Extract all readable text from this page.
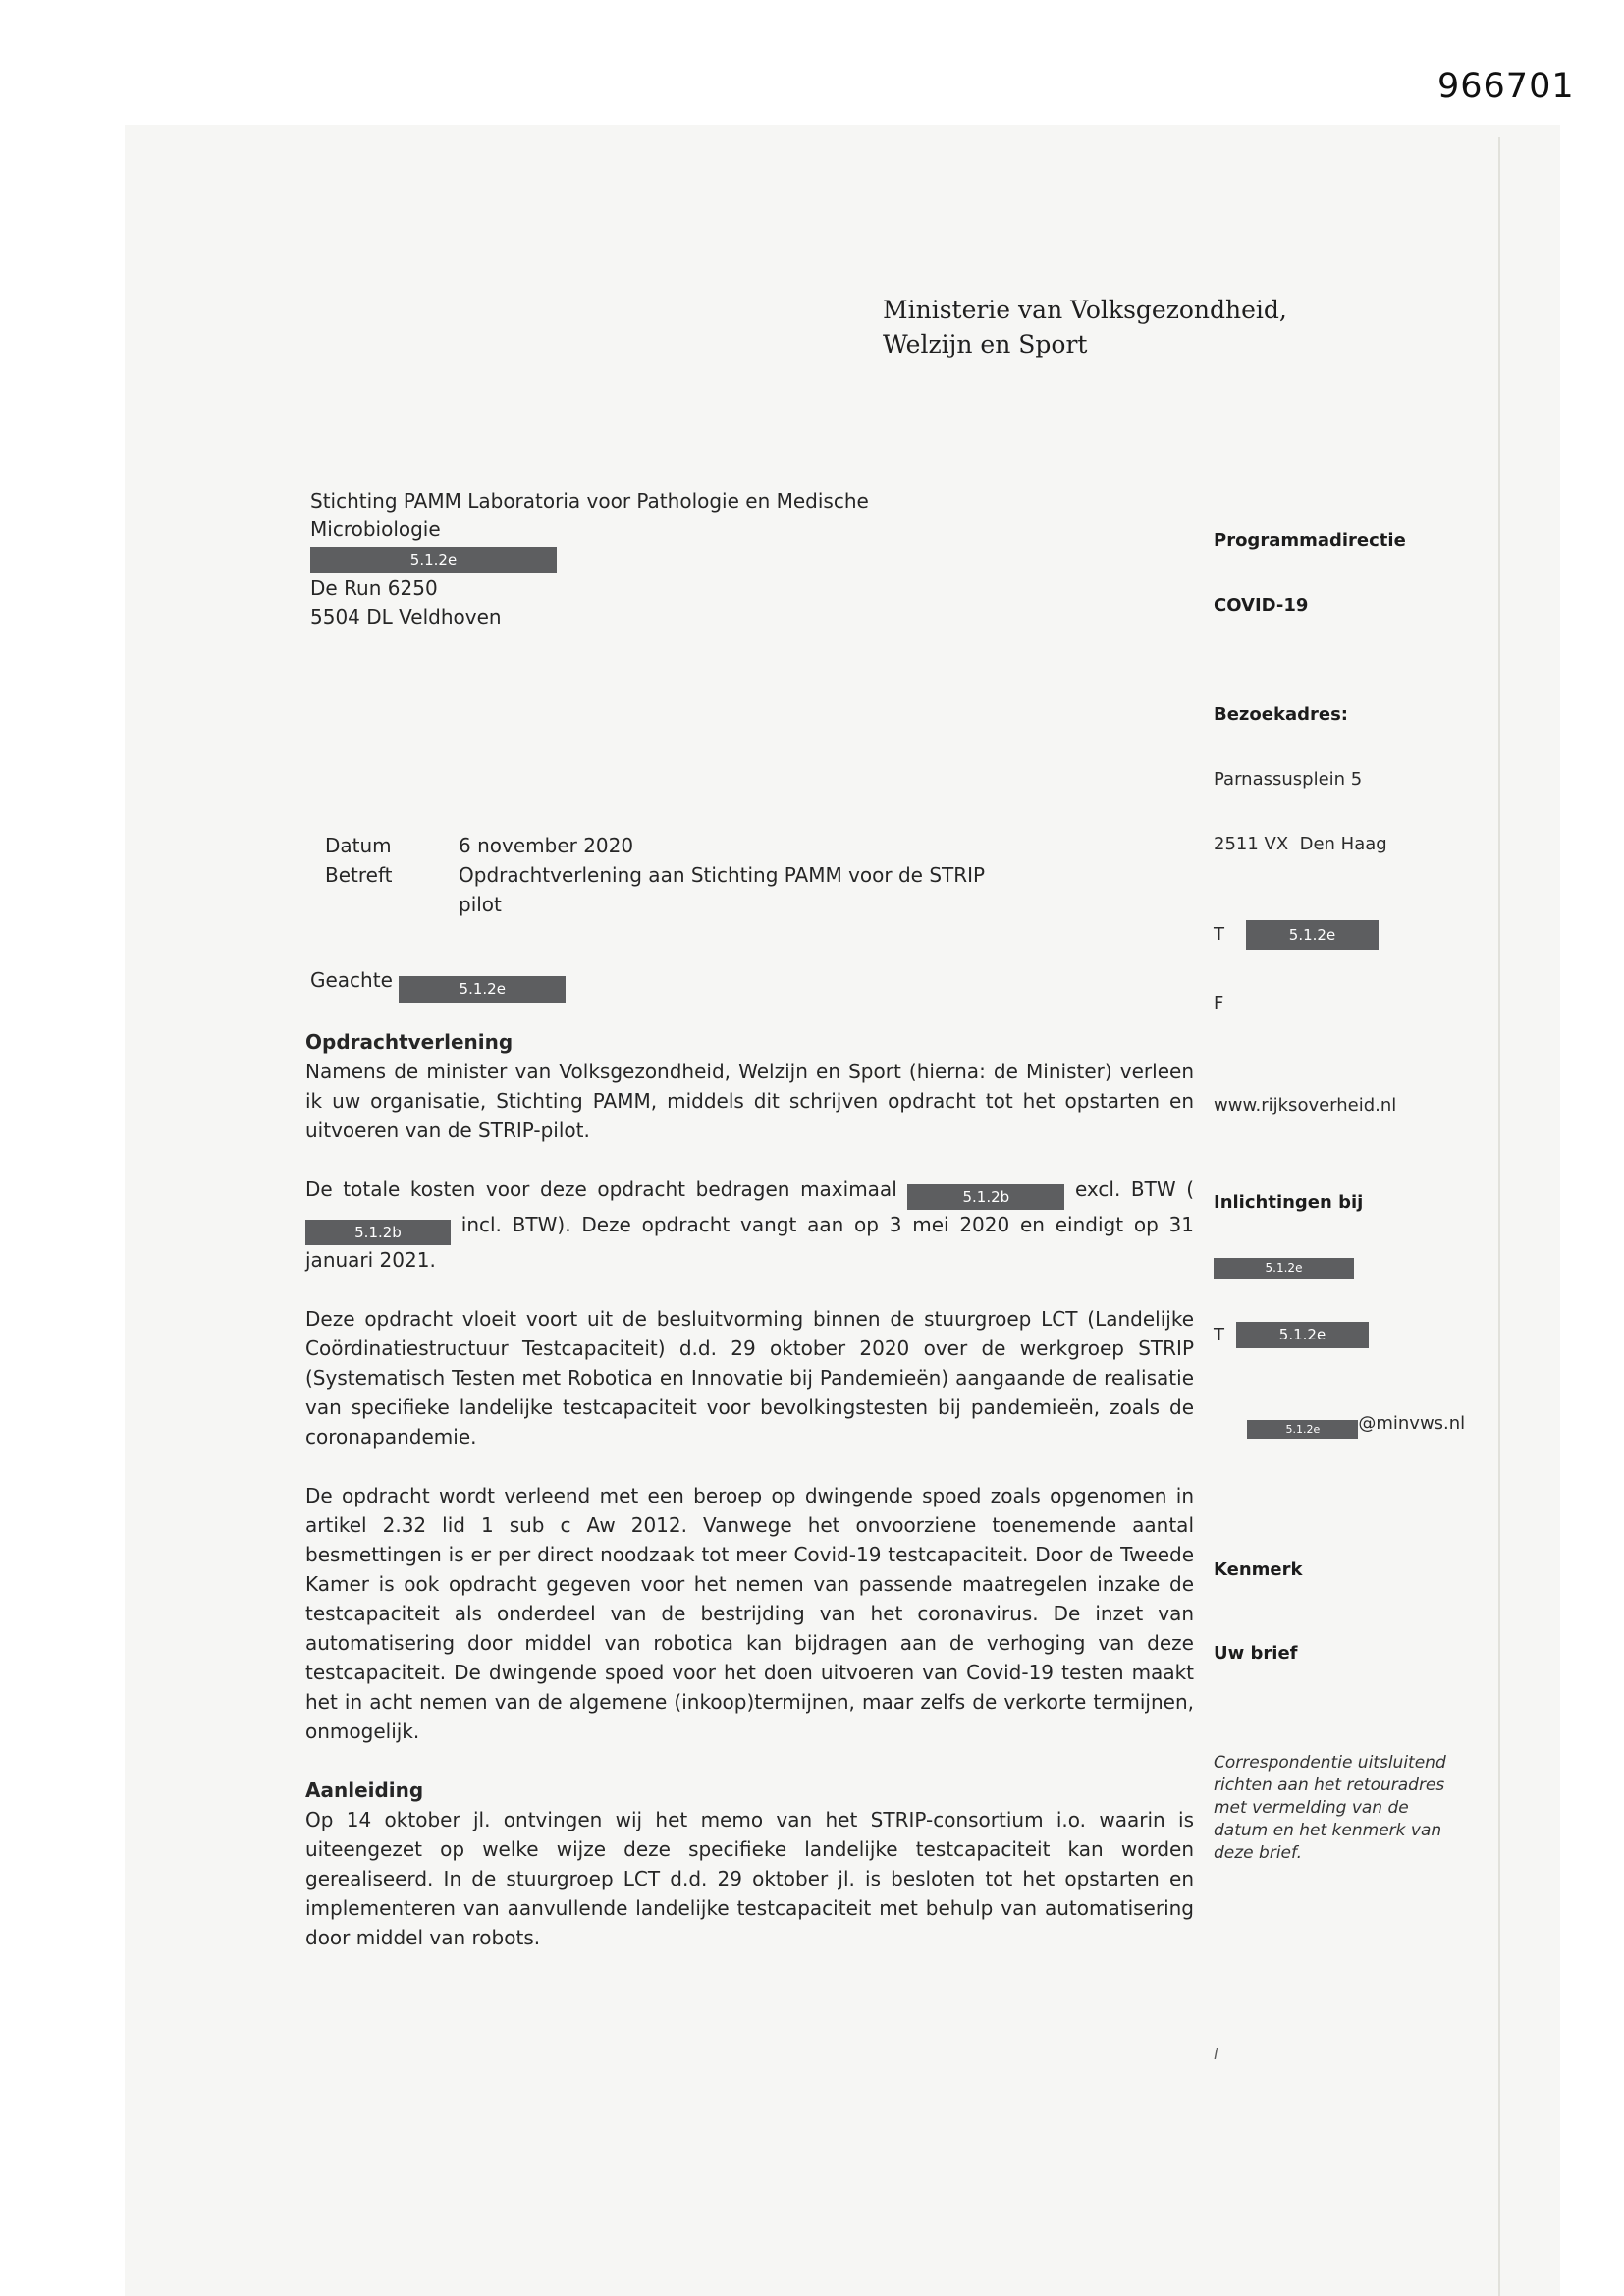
966701
Ministerie van Volksgezondheid,
Welzijn en Sport
Stichting PAMM Laboratoria voor Pathologie en Medische
Microbiologie
5.1.2e
De Run 6250
5504 DL Veldhoven

Programmadirectie

COVID-19

Bezoekadres:

Parnassusplein 5

2511 VX  Den Haag

T	5.1.2e

F

www.rijksoverheid.nl

Inlichtingen bij

5.1.2e

T	5.1.2e

5.1.2e @minvws.nl

Kenmerk

Uw brief

Correspondentie uitsluitend richten aan het retouradres met vermelding van de datum en het kenmerk van deze brief.

Datum	6 november 2020
Betreft	Opdrachtverlening aan Stichting PAMM voor de STRIP pilot
Geachte	5.1.2e
Opdrachtverlening

Namens de minister van Volksgezondheid, Welzijn en Sport (hierna: de Minister) verleen ik uw organisatie, Stichting PAMM, middels dit schrijven opdracht tot het opstarten en uitvoeren van de STRIP-pilot.

De totale kosten voor deze opdracht bedragen maximaal	5.1.2b	excl. BTW (5.1.2b	incl. BTW). Deze opdracht vangt aan op 3 mei 2020 en eindigt op 31 januari 2021.

Deze opdracht vloeit voort uit de besluitvorming binnen de stuurgroep LCT (Landelijke Coördinatiestructuur Testcapaciteit) d.d. 29 oktober 2020 over de werkgroep STRIP (Systematisch Testen met Robotica en Innovatie bij Pandemieën) aangaande de realisatie van specifieke landelijke testcapaciteit voor bevolkingstesten bij pandemieën, zoals de coronapandemie.

De opdracht wordt verleend met een beroep op dwingende spoed zoals opgenomen in artikel 2.32 lid 1 sub c Aw 2012. Vanwege het onvoorziene toenemende aantal besmettingen is er per direct noodzaak tot meer Covid-19 testcapaciteit. Door de Tweede Kamer is ook opdracht gegeven voor het nemen van passende maatregelen inzake de testcapaciteit als onderdeel van de bestrijding van het coronavirus. De inzet van automatisering door middel van robotica kan bijdragen aan de verhoging van deze testcapaciteit. De dwingende spoed voor het doen uitvoeren van Covid-19 testen maakt het in acht nemen van de algemene (inkoop)termijnen, maar zelfs de verkorte termijnen, onmogelijk.

Aanleiding

Op 14 oktober jl. ontvingen wij het memo van het STRIP-consortium i.o. waarin is uiteengezet op welke wijze deze specifieke landelijke testcapaciteit kan worden gerealiseerd. In de stuurgroep LCT d.d. 29 oktober jl. is besloten tot het opstarten en implementeren van aanvullende landelijke testcapaciteit met behulp van automatisering door middel van robots.

i
